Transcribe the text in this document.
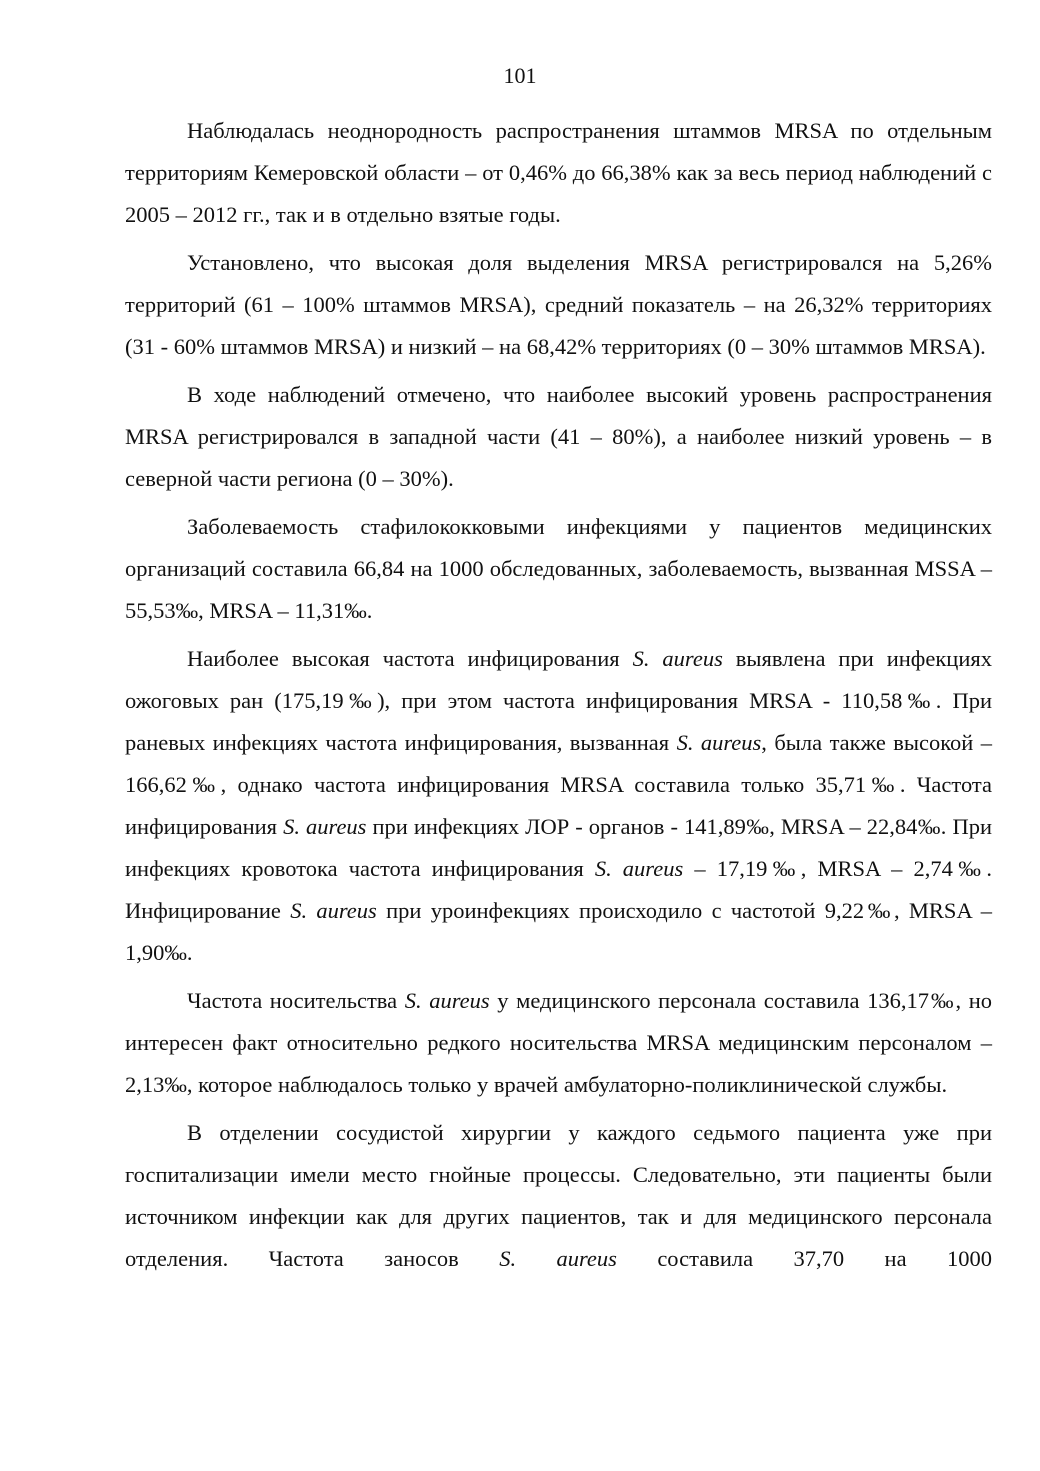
101

Наблюдалась неоднородность распространения штаммов MRSA по отдельным территориям Кемеровской области – от 0,46% до 66,38% как за весь период наблюдений с 2005 – 2012 гг., так и в отдельно взятые годы.

Установлено, что высокая доля выделения MRSA регистрировался на 5,26% территорий (61 – 100% штаммов MRSA), средний показатель – на 26,32% территориях (31 - 60% штаммов MRSA) и низкий – на 68,42% территориях (0 – 30% штаммов MRSA).

В ходе наблюдений отмечено, что наиболее высокий уровень распространения MRSA регистрировался в западной части (41 – 80%), а наиболее низкий уровень – в северной части региона (0 – 30%).

Заболеваемость стафилококковыми инфекциями у пациентов медицинских организаций составила 66,84 на 1000 обследованных, заболеваемость, вызванная MSSA – 55,53‰, MRSA – 11,31‰.

Наиболее высокая частота инфицирования S. aureus выявлена при инфекциях ожоговых ран (175,19‰), при этом частота инфицирования MRSA - 110,58‰. При раневых инфекциях частота инфицирования, вызванная S. aureus, была также высокой – 166,62‰, однако частота инфицирования MRSA составила только 35,71‰. Частота инфицирования S. aureus при инфекциях ЛОР - органов - 141,89‰, MRSA – 22,84‰. При инфекциях кровотока частота инфицирования S. aureus – 17,19‰, MRSA – 2,74‰. Инфицирование S. aureus при уроинфекциях происходило с частотой 9,22‰, MRSA – 1,90‰.

Частота носительства S. aureus у медицинского персонала составила 136,17‰, но интересен факт относительно редкого носительства MRSA медицинским персоналом – 2,13‰, которое наблюдалось только у врачей амбулаторно-поликлинической службы.

В отделении сосудистой хирургии у каждого седьмого пациента уже при госпитализации имели место гнойные процессы. Следовательно, эти пациенты были источником инфекции как для других пациентов, так и для медицинского персонала отделения. Частота заносов S. aureus составила 37,70 на 1000
